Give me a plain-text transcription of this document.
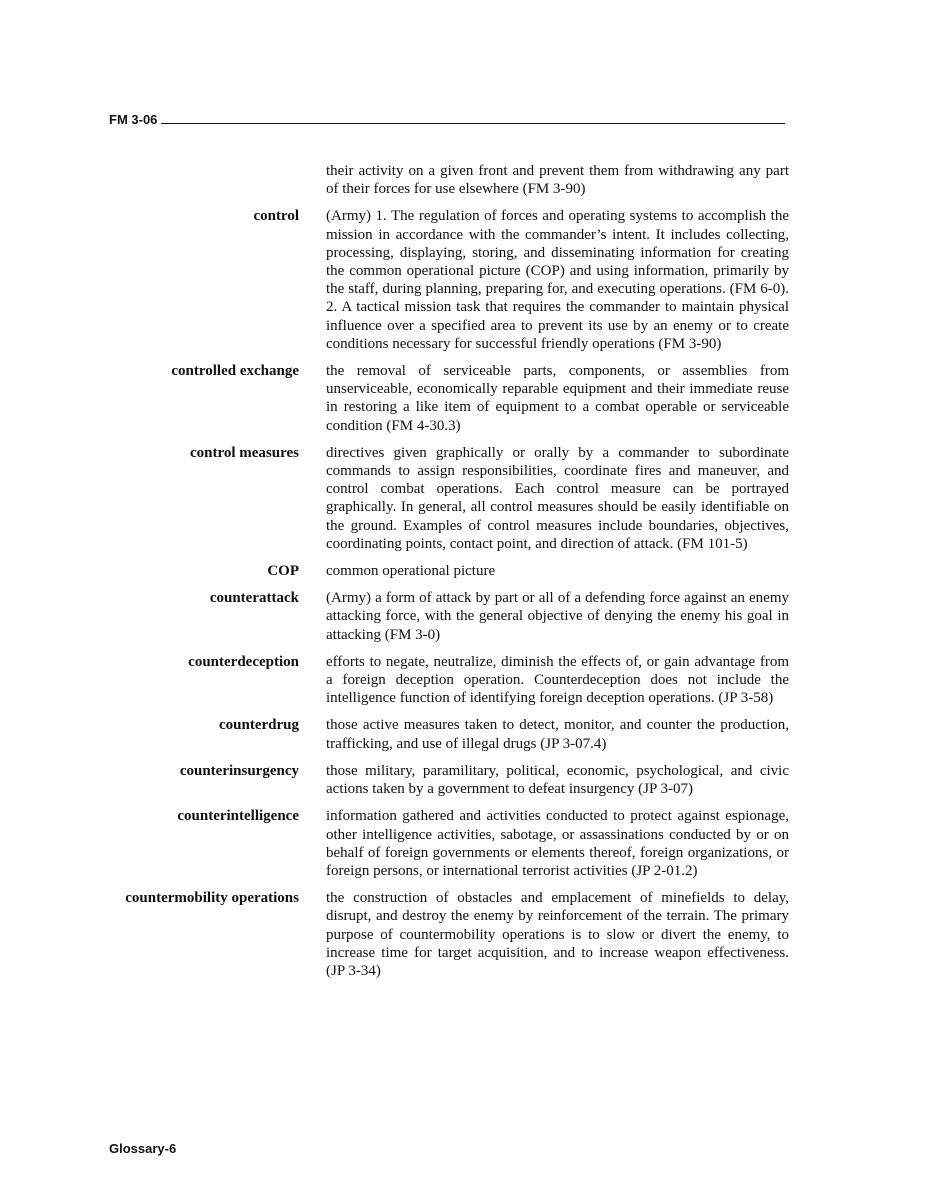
FM 3-06
their activity on a given front and prevent them from withdrawing any part of their forces for use elsewhere (FM 3-90)
control (Army) 1. The regulation of forces and operating systems to accomplish the mission in accordance with the commander’s intent. It includes collecting, processing, displaying, storing, and disseminating information for creating the common operational picture (COP) and using information, primarily by the staff, during planning, preparing for, and executing operations. (FM 6-0). 2. A tactical mission task that requires the commander to maintain physical influence over a specified area to prevent its use by an enemy or to create conditions necessary for successful friendly operations (FM 3-90)
controlled exchange the removal of serviceable parts, components, or assemblies from unserviceable, economically reparable equipment and their immediate reuse in restoring a like item of equipment to a combat operable or serviceable condition (FM 4-30.3)
control measures directives given graphically or orally by a commander to subordinate commands to assign responsibilities, coordinate fires and maneuver, and control combat operations. Each control measure can be portrayed graphically. In general, all control measures should be easily identifiable on the ground. Examples of control measures include boundaries, objectives, coordinating points, contact point, and direction of attack. (FM 101-5)
COP common operational picture
counterattack (Army) a form of attack by part or all of a defending force against an enemy attacking force, with the general objective of denying the enemy his goal in attacking (FM 3-0)
counterdeception efforts to negate, neutralize, diminish the effects of, or gain advantage from a foreign deception operation. Counterdeception does not include the intelligence function of identifying foreign deception operations. (JP 3-58)
counterdrug those active measures taken to detect, monitor, and counter the production, trafficking, and use of illegal drugs (JP 3-07.4)
counterinsurgency those military, paramilitary, political, economic, psychological, and civic actions taken by a government to defeat insurgency (JP 3-07)
counterintelligence information gathered and activities conducted to protect against espionage, other intelligence activities, sabotage, or assassinations conducted by or on behalf of foreign governments or elements thereof, foreign organizations, or foreign persons, or international terrorist activities (JP 2-01.2)
countermobility operations the construction of obstacles and emplacement of minefields to delay, disrupt, and destroy the enemy by reinforcement of the terrain. The primary purpose of countermobility operations is to slow or divert the enemy, to increase time for target acquisition, and to increase weapon effectiveness. (JP 3-34)
Glossary-6
